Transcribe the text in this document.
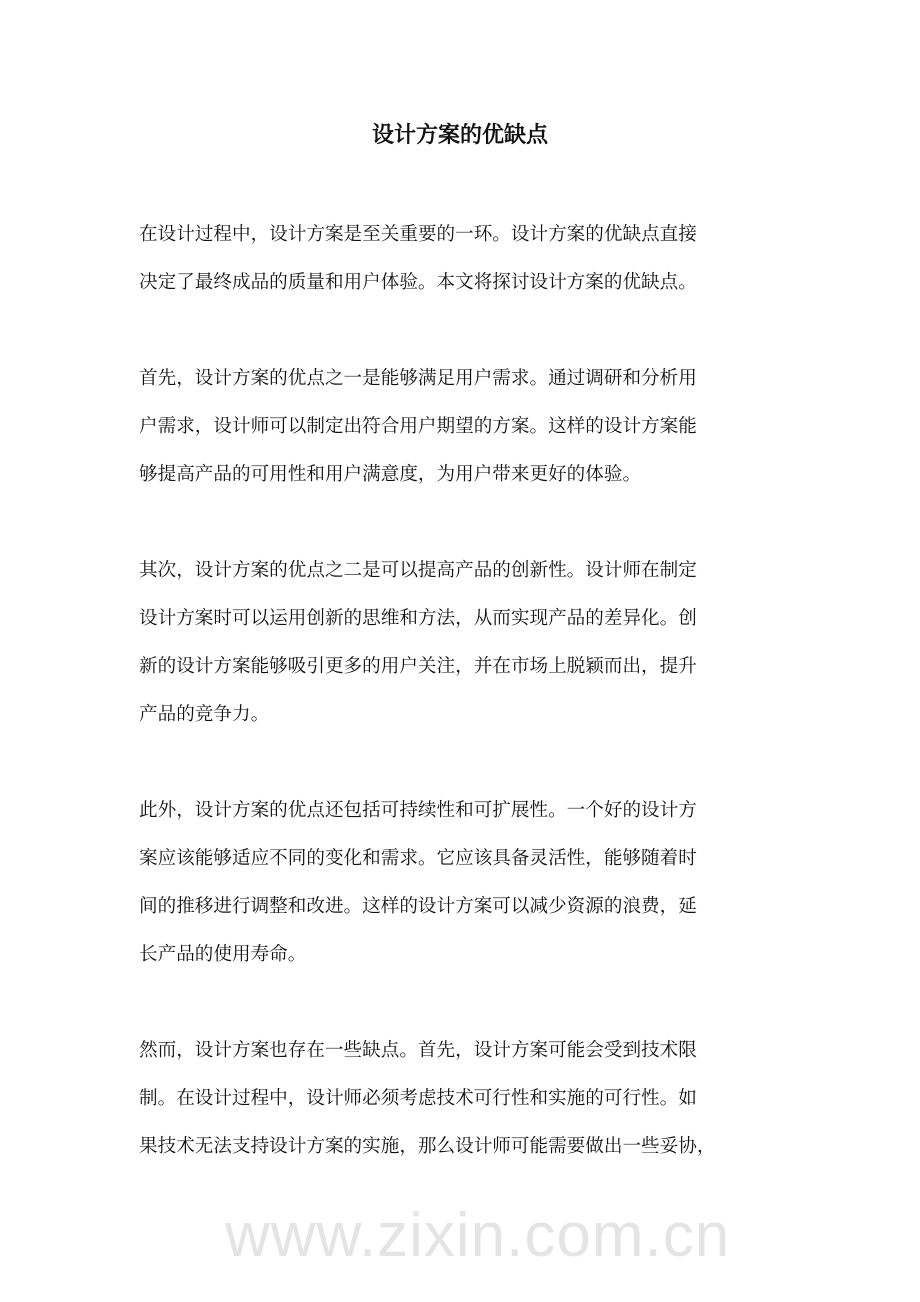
www.zixin.com.cn
设计方案的优缺点
在设计过程中，设计方案是至关重要的一环。设计方案的优缺点直接
决定了最终成品的质量和用户体验。本文将探讨设计方案的优缺点。
首先，设计方案的优点之一是能够满足用户需求。通过调研和分析用
户需求，设计师可以制定出符合用户期望的方案。这样的设计方案能
够提高产品的可用性和用户满意度，为用户带来更好的体验。
其次，设计方案的优点之二是可以提高产品的创新性。设计师在制定
设计方案时可以运用创新的思维和方法，从而实现产品的差异化。创
新的设计方案能够吸引更多的用户关注，并在市场上脱颖而出，提升
产品的竞争力。
此外，设计方案的优点还包括可持续性和可扩展性。一个好的设计方
案应该能够适应不同的变化和需求。它应该具备灵活性，能够随着时
间的推移进行调整和改进。这样的设计方案可以减少资源的浪费，延
长产品的使用寿命。
然而，设计方案也存在一些缺点。首先，设计方案可能会受到技术限
制。在设计过程中，设计师必须考虑技术可行性和实施的可行性。如
果技术无法支持设计方案的实施，那么设计师可能需要做出一些妥协，
